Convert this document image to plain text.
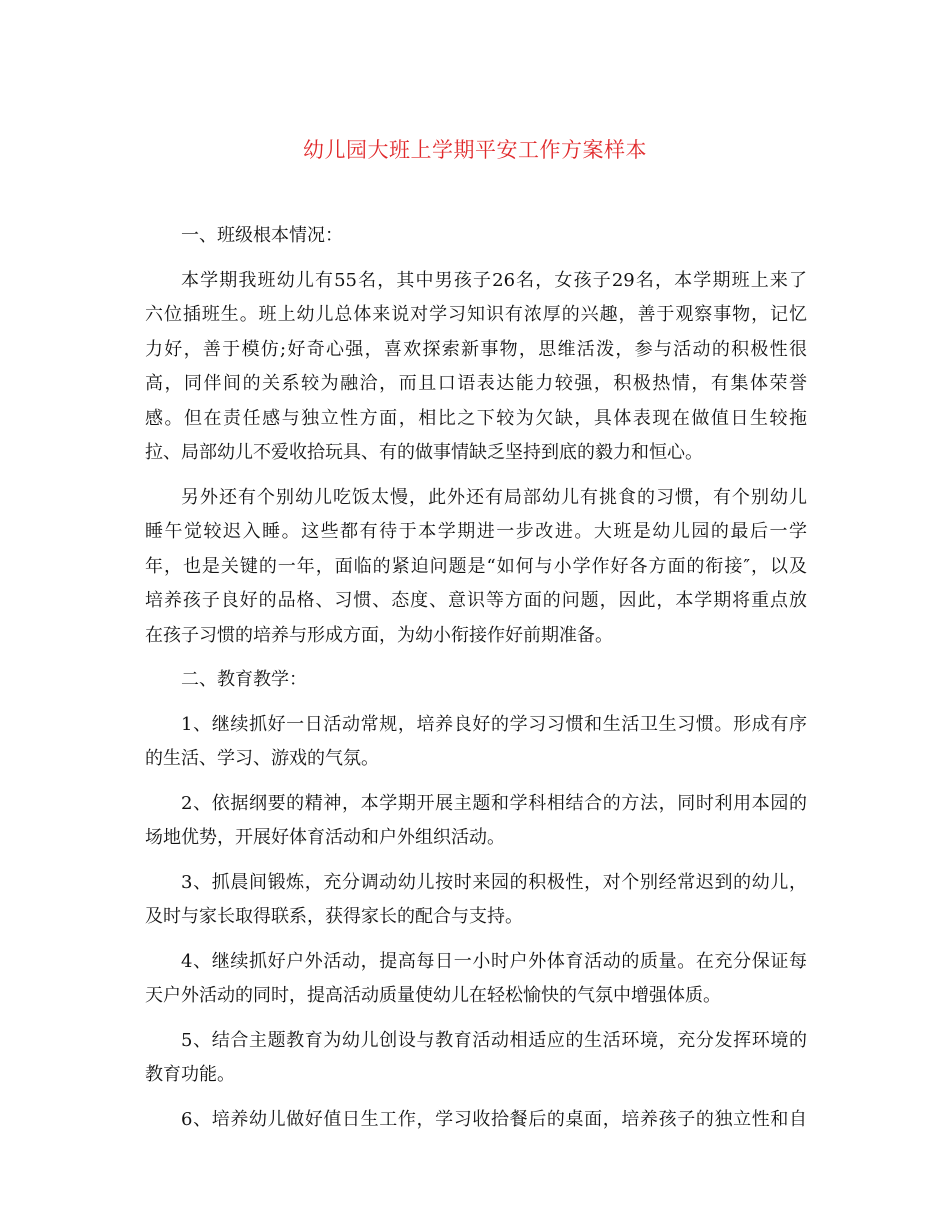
幼儿园大班上学期平安工作方案样本
一、班级根本情况：
本学期我班幼儿有55名，其中男孩子26名，女孩子29名，本学期班上来了
六位插班生。班上幼儿总体来说对学习知识有浓厚的兴趣，善于观察事物，记忆
力好，善于模仿;好奇心强，喜欢探索新事物，思维活泼，参与活动的积极性很
高，同伴间的关系较为融洽，而且口语表达能力较强，积极热情，有集体荣誉
感。但在责任感与独立性方面，相比之下较为欠缺，具体表现在做值日生较拖
拉、局部幼儿不爱收拾玩具、有的做事情缺乏坚持到底的毅力和恒心。
另外还有个别幼儿吃饭太慢，此外还有局部幼儿有挑食的习惯，有个别幼儿
睡午觉较迟入睡。这些都有待于本学期进一步改进。大班是幼儿园的最后一学
年，也是关键的一年，面临的紧迫问题是“如何与小学作好各方面的衔接″，以及
培养孩子良好的品格、习惯、态度、意识等方面的问题，因此，本学期将重点放
在孩子习惯的培养与形成方面，为幼小衔接作好前期准备。
二、教育教学：
1、继续抓好一日活动常规，培养良好的学习习惯和生活卫生习惯。形成有序
的生活、学习、游戏的气氛。
2、依据纲要的精神，本学期开展主题和学科相结合的方法，同时利用本园的
场地优势，开展好体育活动和户外组织活动。
3、抓晨间锻炼，充分调动幼儿按时来园的积极性，对个别经常迟到的幼儿，
及时与家长取得联系，获得家长的配合与支持。
4、继续抓好户外活动，提高每日一小时户外体育活动的质量。在充分保证每
天户外活动的同时，提高活动质量使幼儿在轻松愉快的气氛中增强体质。
5、结合主题教育为幼儿创设与教育活动相适应的生活环境，充分发挥环境的
教育功能。
6、培养幼儿做好值日生工作，学习收拾餐后的桌面，培养孩子的独立性和自
